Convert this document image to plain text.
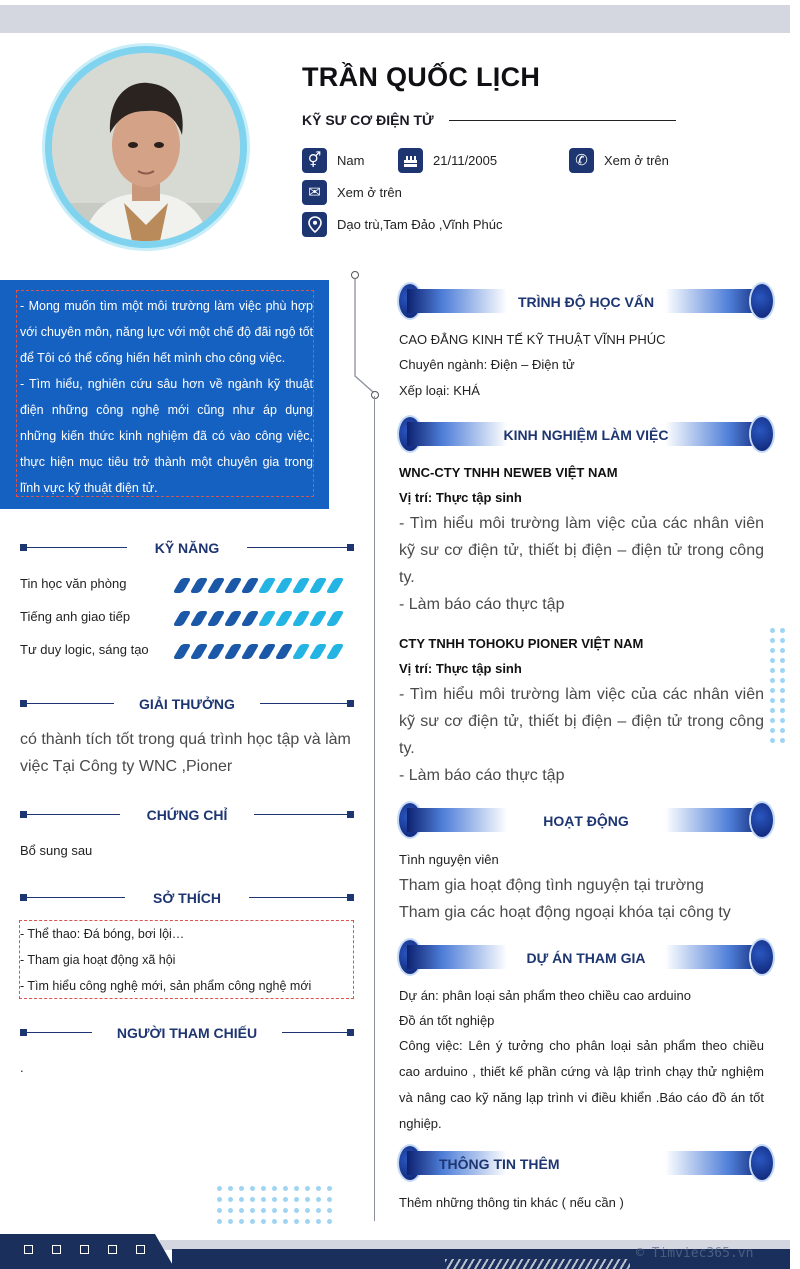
TRẦN QUỐC LỊCH
KỸ SƯ CƠ ĐIỆN TỬ
⚥	Nam	21/11/2005	✆	Xem ở trên
✉	Xem ở trên
Dạo trù,Tam Đảo ,Vĩnh Phúc
- Mong muốn tìm một môi trường làm việc phù hợp với chuyên môn, năng lực với một chế độ đãi ngộ tốt để Tôi có thể cống hiến hết mình cho công việc.
- Tìm hiểu, nghiên cứu sâu hơn về ngành kỹ thuật điện những công nghệ mới cũng như áp dụng những kiến thức kinh nghiệm đã có vào công việc, thực hiện mục tiêu trở thành một chuyên gia trong lĩnh vực kỹ thuật điện tử.
KỸ NĂNG
Tin học văn phòng
Tiếng anh giao tiếp
Tư duy logic, sáng tạo
GIẢI THƯỞNG
có thành tích tốt trong quá trình học tập và làm việc Tại Công ty WNC ,Pioner
CHỨNG CHỈ
Bổ sung sau
SỞ THÍCH
- Thể thao: Đá bóng, bơi lội…
- Tham gia hoạt động xã hội
- Tìm hiểu công nghệ mới, sản phẩm công nghệ mới
NGƯỜI THAM CHIẾU
.
TRÌNH ĐỘ HỌC VẤN
CAO ĐẲNG KINH TẾ KỸ THUẬT VĨNH PHÚC
Chuyên ngành: Điện – Điện tử
Xếp loại: KHÁ
KINH NGHIỆM LÀM VIỆC
WNC-CTY TNHH NEWEB VIỆT NAM
Vị trí: Thực tập sinh
- Tìm hiểu môi trường làm việc của các nhân viên kỹ sư cơ điện tử, thiết bị điện – điện tử trong công ty.
- Làm báo cáo thực tập
CTY TNHH TOHOKU PIONER VIỆT NAM
Vị trí: Thực tập sinh
- Tìm hiểu môi trường làm việc của các nhân viên kỹ sư cơ điện tử, thiết bị điện – điện tử trong công ty.
- Làm báo cáo thực tập
HOẠT ĐỘNG
Tình nguyện viên
Tham gia hoạt động tình nguyện tại trường
Tham gia các hoạt động ngoại khóa tại công ty
DỰ ÁN THAM GIA
Dự án: phân loại sản phẩm theo chiều cao arduino
Đồ án tốt nghiệp
Công việc: Lên ý tưởng cho phân loại sản phẩm theo chiều cao arduino , thiết kế phần cứng và lập trình chạy thử nghiệm và nâng cao kỹ năng lạp trình vi điều khiển .Báo cáo đồ án tốt nghiệp.
THÔNG TIN THÊM
Thêm những thông tin khác ( nếu cần )
© Timviec365.vn
